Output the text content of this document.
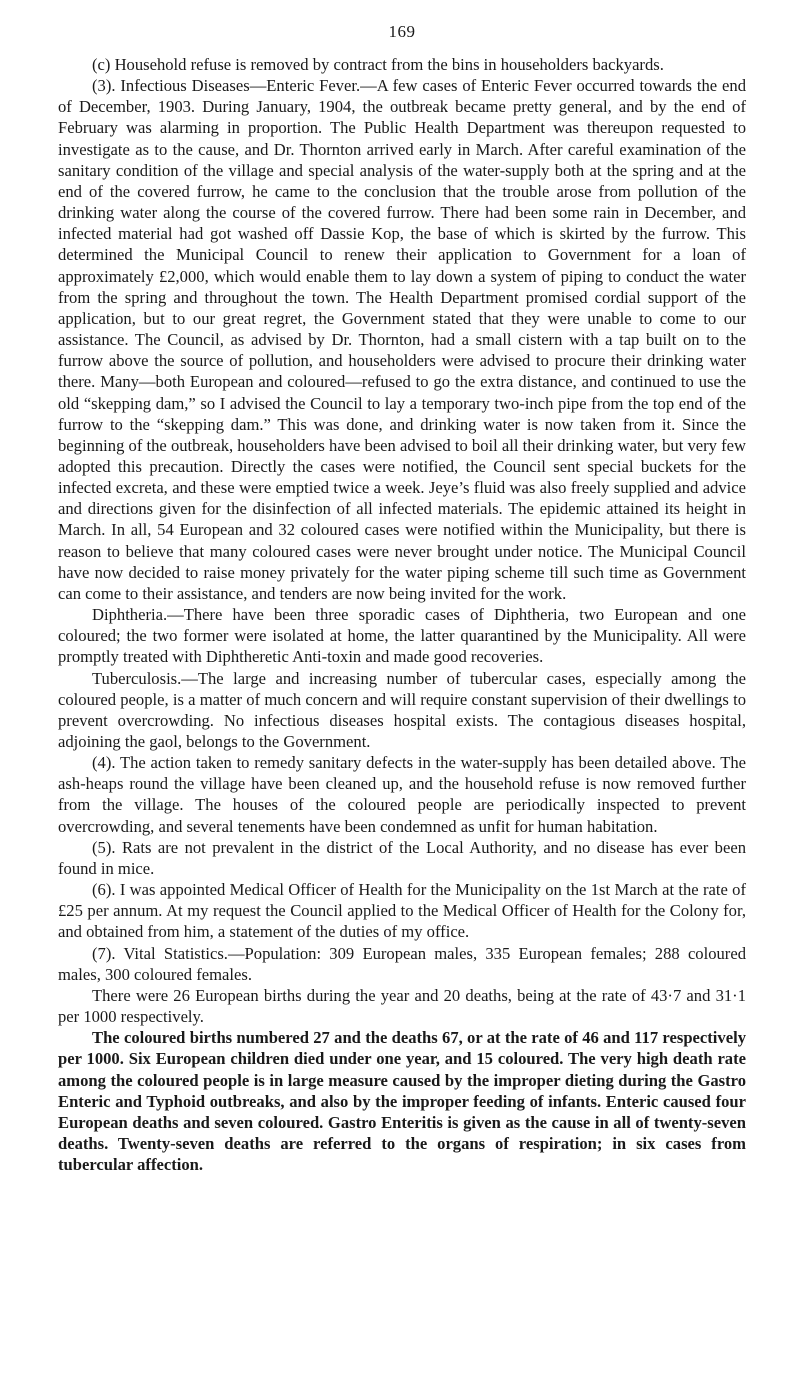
169

(c) Household refuse is removed by contract from the bins in householders backyards.

(3). Infectious Diseases—Enteric Fever.—A few cases of Enteric Fever occurred towards the end of December, 1903. During January, 1904, the outbreak became pretty general, and by the end of February was alarming in proportion. The Public Health Department was thereupon requested to investigate as to the cause, and Dr. Thornton arrived early in March. After careful examination of the sanitary condition of the village and special analysis of the water-supply both at the spring and at the end of the covered furrow, he came to the conclusion that the trouble arose from pollution of the drinking water along the course of the covered furrow. There had been some rain in December, and infected material had got washed off Dassie Kop, the base of which is skirted by the furrow. This determined the Municipal Council to renew their application to Government for a loan of approximately £2,000, which would enable them to lay down a system of piping to conduct the water from the spring and throughout the town. The Health Department promised cordial support of the application, but to our great regret, the Government stated that they were unable to come to our assistance. The Council, as advised by Dr. Thornton, had a small cistern with a tap built on to the furrow above the source of pollution, and householders were advised to procure their drinking water there. Many—both European and coloured—refused to go the extra distance, and continued to use the old “skepping dam,” so I advised the Council to lay a temporary two-inch pipe from the top end of the furrow to the “skepping dam.” This was done, and drinking water is now taken from it. Since the beginning of the outbreak, householders have been advised to boil all their drinking water, but very few adopted this precaution. Directly the cases were notified, the Council sent special buckets for the infected excreta, and these were emptied twice a week. Jeye’s fluid was also freely supplied and advice and directions given for the disinfection of all infected materials. The epidemic attained its height in March. In all, 54 European and 32 coloured cases were notified within the Municipality, but there is reason to believe that many coloured cases were never brought under notice. The Municipal Council have now decided to raise money privately for the water piping scheme till such time as Government can come to their assistance, and tenders are now being invited for the work.

Diphtheria.—There have been three sporadic cases of Diphtheria, two European and one coloured; the two former were isolated at home, the latter quarantined by the Municipality. All were promptly treated with Diphtheretic Anti-toxin and made good recoveries.

Tuberculosis.—The large and increasing number of tubercular cases, especially among the coloured people, is a matter of much concern and will require constant supervision of their dwellings to prevent overcrowding. No infectious diseases hospital exists. The contagious diseases hospital, adjoining the gaol, belongs to the Government.

(4). The action taken to remedy sanitary defects in the water-supply has been detailed above. The ash-heaps round the village have been cleaned up, and the household refuse is now removed further from the village. The houses of the coloured people are periodically inspected to prevent overcrowding, and several tenements have been condemned as unfit for human habitation.

(5). Rats are not prevalent in the district of the Local Authority, and no disease has ever been found in mice.

(6). I was appointed Medical Officer of Health for the Municipality on the 1st March at the rate of £25 per annum. At my request the Council applied to the Medical Officer of Health for the Colony for, and obtained from him, a statement of the duties of my office.

(7). Vital Statistics.—Population: 309 European males, 335 European females; 288 coloured males, 300 coloured females.

There were 26 European births during the year and 20 deaths, being at the rate of 43·7 and 31·1 per 1000 respectively.

The coloured births numbered 27 and the deaths 67, or at the rate of 46 and 117 respectively per 1000. Six European children died under one year, and 15 coloured. The very high death rate among the coloured people is in large measure caused by the improper dieting during the Gastro Enteric and Typhoid outbreaks, and also by the improper feeding of infants. Enteric caused four European deaths and seven coloured. Gastro Enteritis is given as the cause in all of twenty-seven deaths. Twenty-seven deaths are referred to the organs of respiration; in six cases from tubercular affection.
